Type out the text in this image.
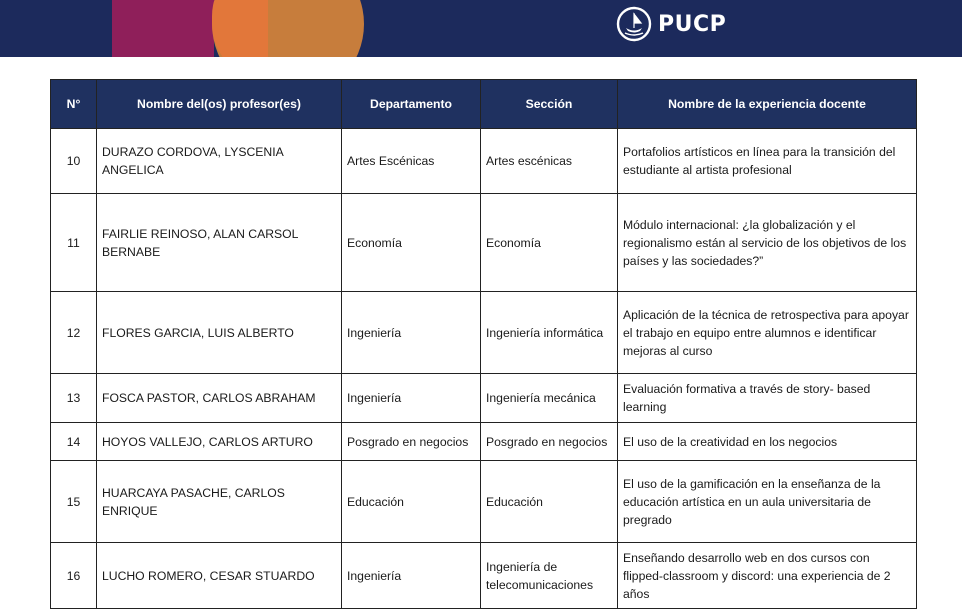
PUCP
N°	Nombre del(os) profesor(es)	Departamento	Sección	Nombre de la experiencia docente
10	DURAZO CORDOVA, LYSCENIA ANGELICA	Artes Escénicas	Artes escénicas	Portafolios artísticos en línea para la transición del estudiante al artista profesional
11	FAIRLIE REINOSO, ALAN CARSOL BERNABE	Economía	Economía	Módulo internacional: ¿la globalización y el regionalismo están al servicio de los objetivos de los países y las sociedades?”
12	FLORES GARCIA, LUIS ALBERTO	Ingeniería	Ingeniería informática	Aplicación de la técnica de retrospectiva para apoyar el trabajo en equipo entre alumnos e identificar mejoras al curso
13	FOSCA PASTOR, CARLOS ABRAHAM	Ingeniería	Ingeniería mecánica	Evaluación formativa a través de story- based learning
14	HOYOS VALLEJO, CARLOS ARTURO	Posgrado en negocios	Posgrado en negocios	El uso de la creatividad en los negocios
15	HUARCAYA PASACHE, CARLOS ENRIQUE	Educación	Educación	El uso de la gamificación en la enseñanza de la educación artística en un aula universitaria de pregrado
16	LUCHO ROMERO, CESAR STUARDO	Ingeniería	Ingeniería de telecomunicaciones	Enseñando desarrollo web en dos cursos con flipped-classroom y discord: una experiencia de 2 años
